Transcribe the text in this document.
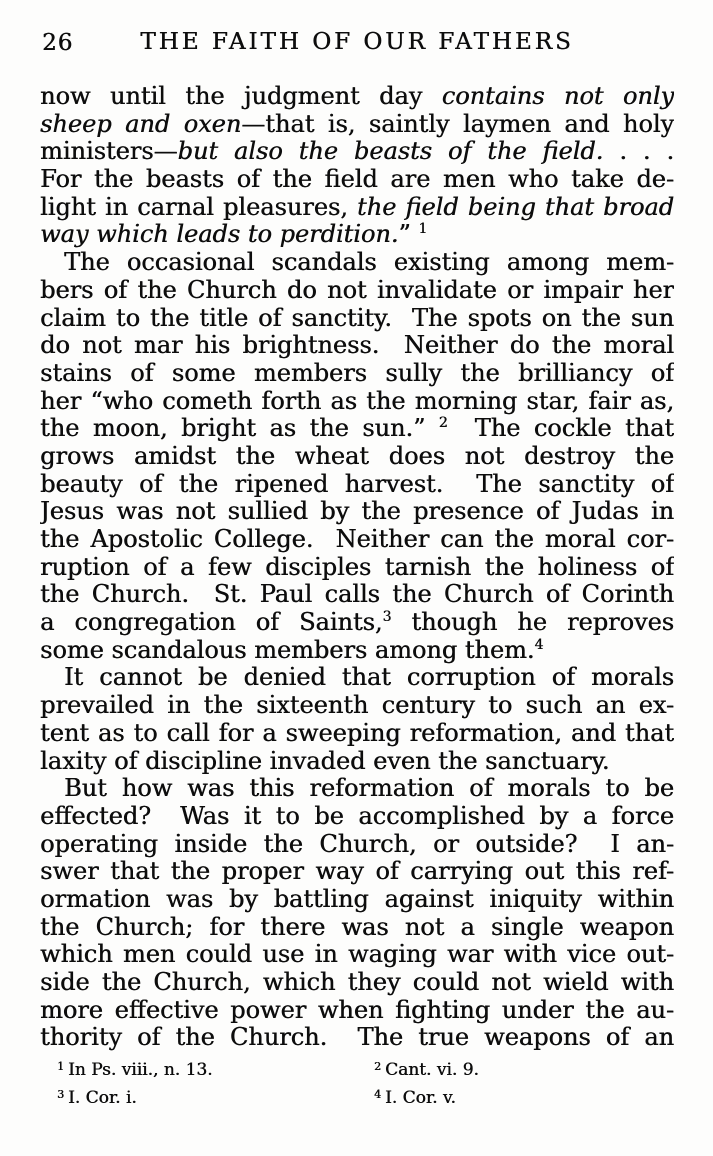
26	THE FAITH OF OUR FATHERS
now until the judgment day contains not only
sheep and oxen—that is, saintly laymen and holy
ministers—but also the beasts of the field. . . .
For the beasts of the field are men who take de-
light in carnal pleasures, the field being that broad
way which leads to perdition.” $^1$
The occasional scandals existing among mem-
bers of the Church do not invalidate or impair her
claim to the title of sanctity.  The spots on the sun
do not mar his brightness.  Neither do the moral
stains of some members sully the brilliancy of
her “who cometh forth as the morning star, fair as,
the moon, bright as the sun.” $^2$  The cockle that
grows amidst the wheat does not destroy the
beauty of the ripened harvest.  The sanctity of
Jesus was not sullied by the presence of Judas in
the Apostolic College.  Neither can the moral cor-
ruption of a few disciples tarnish the holiness of
the Church.  St. Paul calls the Church of Corinth
a congregation of Saints,$^3$ though he reproves
some scandalous members among them.$^4$
It cannot be denied that corruption of morals
prevailed in the sixteenth century to such an ex-
tent as to call for a sweeping reformation, and that
laxity of discipline invaded even the sanctuary.
But how was this reformation of morals to be
effected?  Was it to be accomplished by a force
operating inside the Church, or outside?  I an-
swer that the proper way of carrying out this ref-
ormation was by battling against iniquity within
the Church; for there was not a single weapon
which men could use in waging war with vice out-
side the Church, which they could not wield with
more effective power when fighting under the au-
thority of the Church.  The true weapons of an
$^1$ In Ps. viii., n. 13.	$^2$ Cant. vi. 9.
$^3$ I. Cor. i.	$^4$ I. Cor. v.
